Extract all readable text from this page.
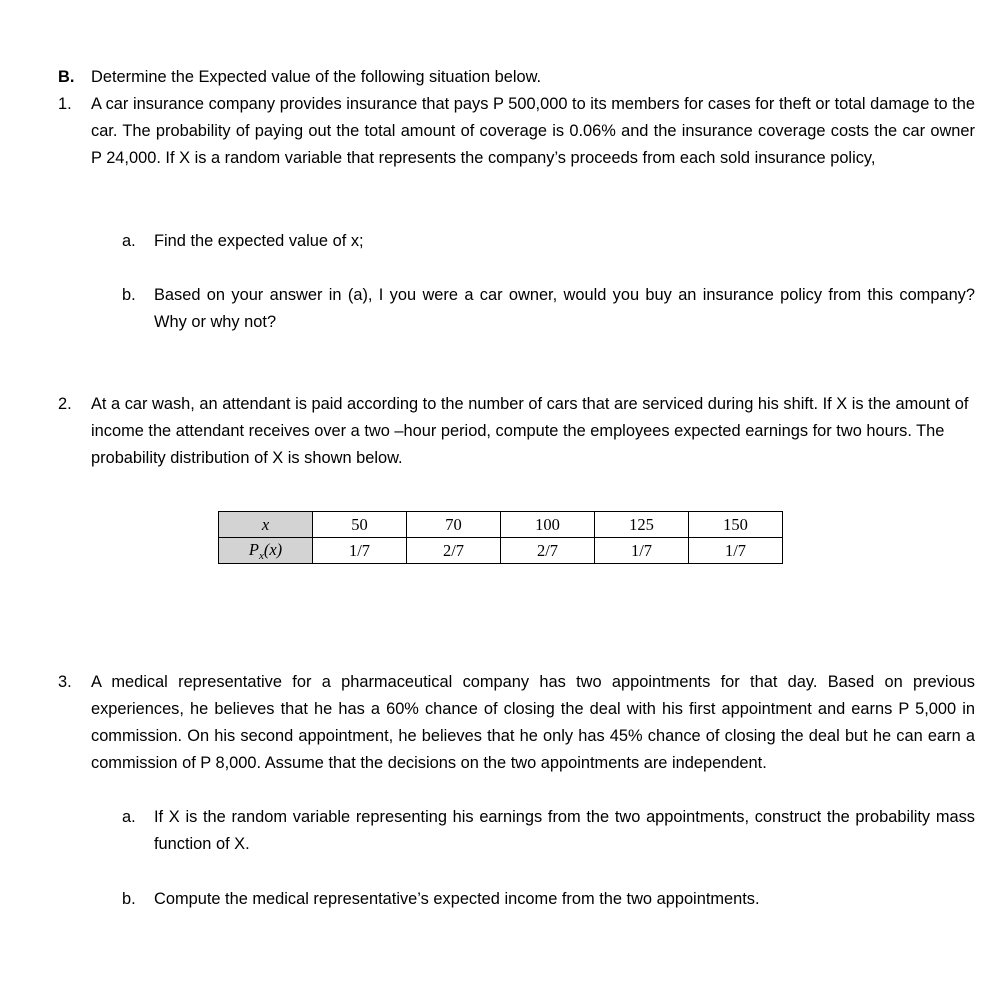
B.	Determine the Expected value of the following situation below.
1.	A car insurance company provides insurance that pays P 500,000 to its members for cases for theft or total damage to the car. The probability of paying out the total amount of coverage is 0.06% and the insurance coverage costs the car owner P 24,000. If X is a random variable that represents the company’s proceeds from each sold insurance policy,
a.	Find the expected value of x;
b.	Based on your answer in (a), I you were a car owner, would you buy an insurance policy from this company? Why or why not?
2.	At a car wash, an attendant is paid according to the number of cars that are serviced during his shift. If X is the amount of income the attendant receives over a two –hour period, compute the employees expected earnings for two hours. The probability distribution of X is shown below.
x	50	70	100	125	150
$P_x(x)$	1/7	2/7	2/7	1/7	1/7
3.	A medical representative for a pharmaceutical company has two appointments for that day. Based on previous experiences, he believes that he has a 60% chance of closing the deal with his first appointment and earns P 5,000 in commission. On his second appointment, he believes that he only has 45% chance of closing the deal but he can earn a commission of P 8,000. Assume that the decisions on the two appointments are independent.
a.	If X is the random variable representing his earnings from the two appointments, construct the probability mass function of X.
b.	Compute the medical representative’s expected income from the two appointments.
